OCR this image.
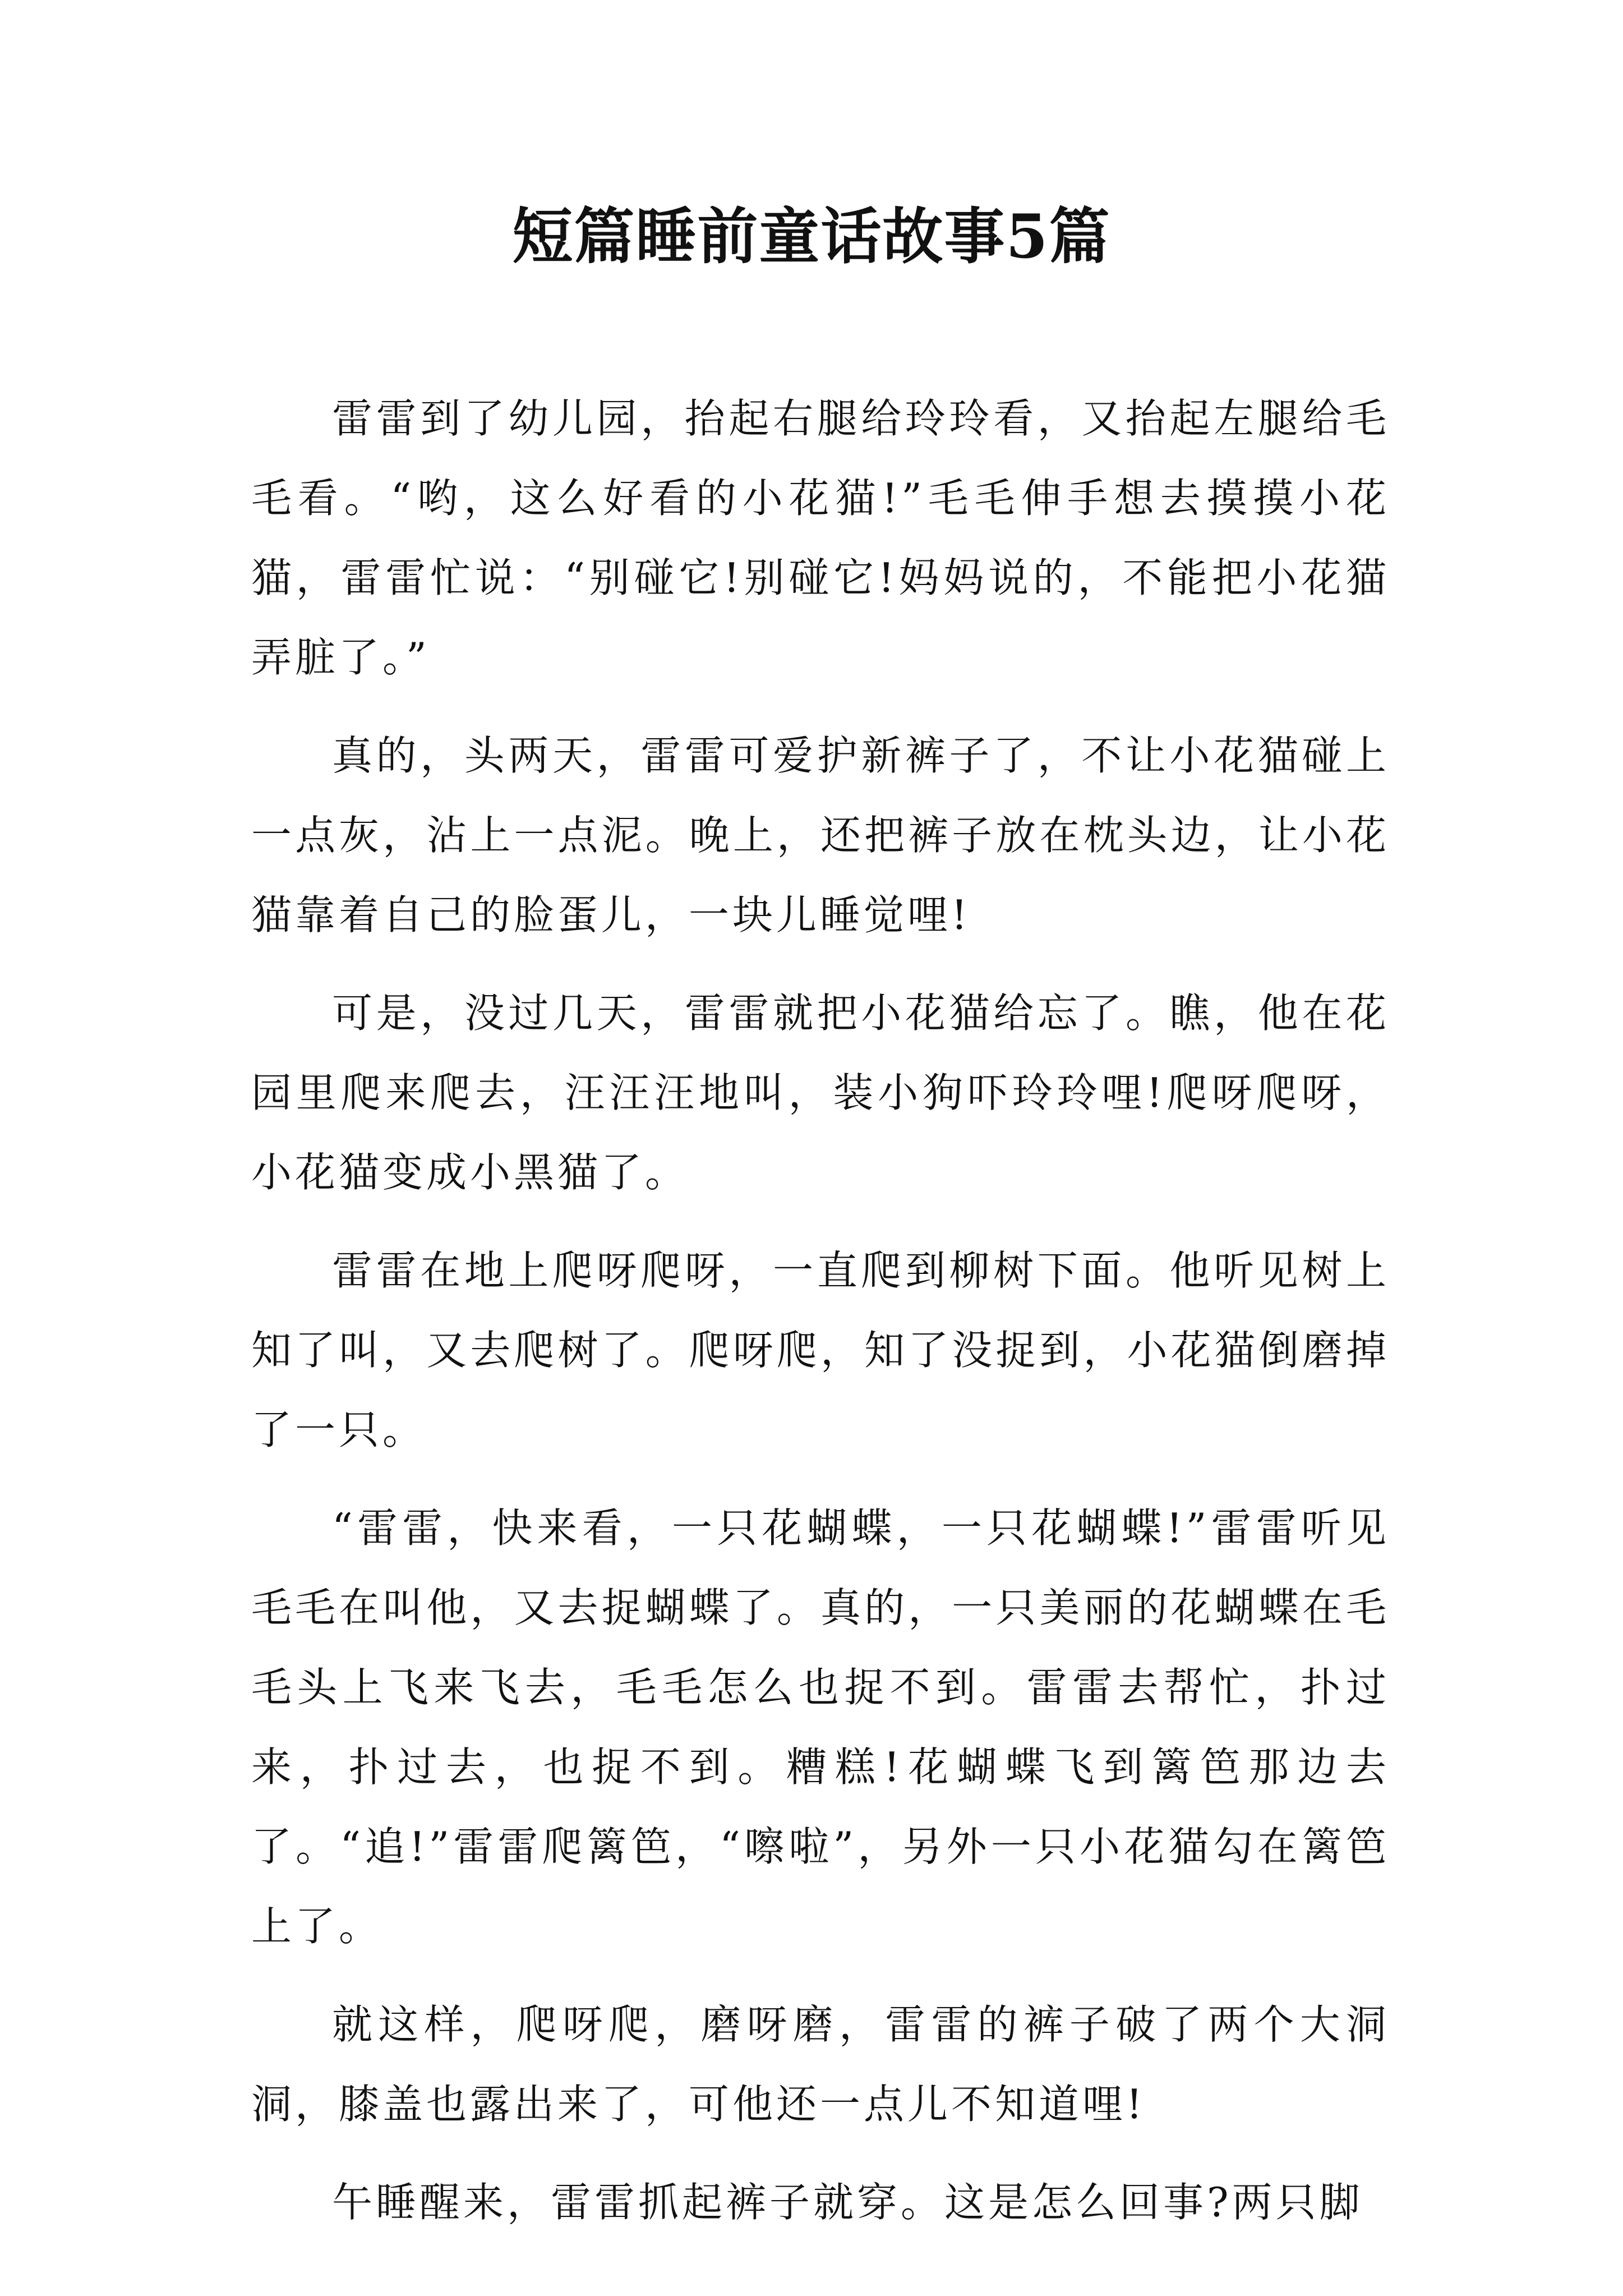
短篇睡前童话故事5篇

雷雷到了幼儿园，抬起右腿给玲玲看，又抬起左腿给毛毛看。“哟，这么好看的小花猫!”毛毛伸手想去摸摸小花猫，雷雷忙说：“别碰它!别碰它!妈妈说的，不能把小花猫弄脏了。”

真的，头两天，雷雷可爱护新裤子了，不让小花猫碰上一点灰，沾上一点泥。晚上，还把裤子放在枕头边，让小花猫靠着自己的脸蛋儿，一块儿睡觉哩!

可是，没过几天，雷雷就把小花猫给忘了。瞧，他在花园里爬来爬去，汪汪汪地叫，装小狗吓玲玲哩!爬呀爬呀，小花猫变成小黑猫了。

雷雷在地上爬呀爬呀，一直爬到柳树下面。他听见树上知了叫，又去爬树了。爬呀爬，知了没捉到，小花猫倒磨掉了一只。

“雷雷，快来看，一只花蝴蝶，一只花蝴蝶!”雷雷听见毛毛在叫他，又去捉蝴蝶了。真的，一只美丽的花蝴蝶在毛毛头上飞来飞去，毛毛怎么也捉不到。雷雷去帮忙，扑过来，扑过去，也捉不到。糟糕!花蝴蝶飞到篱笆那边去了。“追!”雷雷爬篱笆，“嚓啦”，另外一只小花猫勾在篱笆上了。

就这样，爬呀爬，磨呀磨，雷雷的裤子破了两个大洞洞，膝盖也露出来了，可他还一点儿不知道哩!

午睡醒来，雷雷抓起裤子就穿。这是怎么回事?两只脚
